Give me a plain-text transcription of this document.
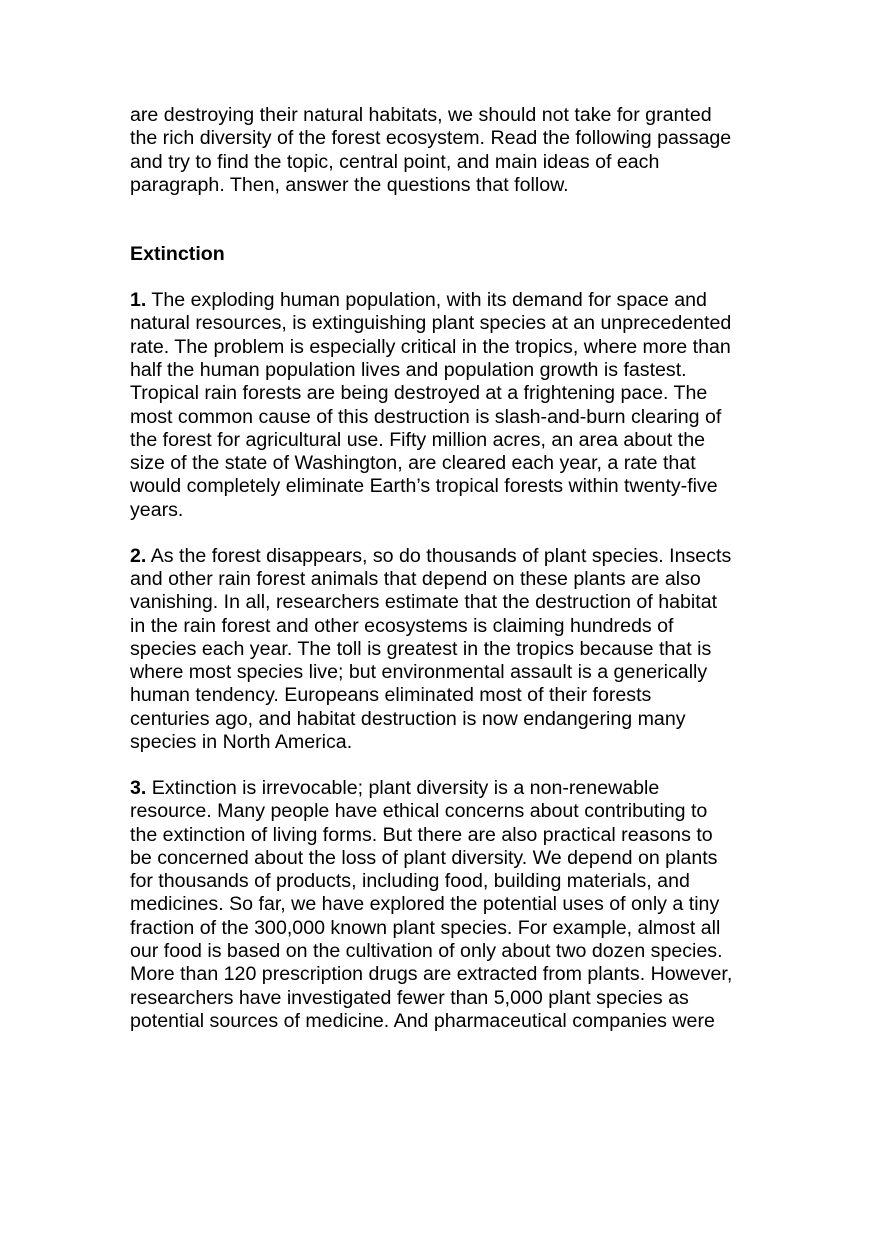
are destroying their natural habitats, we should not take for granted
the rich diversity of the forest ecosystem. Read the following passage
and try to find the topic, central point, and main ideas of each
paragraph. Then, answer the questions that follow.
Extinction
1. The exploding human population, with its demand for space and
natural resources, is extinguishing plant species at an unprecedented
rate. The problem is especially critical in the tropics, where more than
half the human population lives and population growth is fastest.
Tropical rain forests are being destroyed at a frightening pace. The
most common cause of this destruction is slash-and-burn clearing of
the forest for agricultural use. Fifty million acres, an area about the
size of the state of Washington, are cleared each year, a rate that
would completely eliminate Earth’s tropical forests within twenty-five
years.
2. As the forest disappears, so do thousands of plant species. Insects
and other rain forest animals that depend on these plants are also
vanishing. In all, researchers estimate that the destruction of habitat
in the rain forest and other ecosystems is claiming hundreds of
species each year. The toll is greatest in the tropics because that is
where most species live; but environmental assault is a generically
human tendency. Europeans eliminated most of their forests
centuries ago, and habitat destruction is now endangering many
species in North America.
3. Extinction is irrevocable; plant diversity is a non-renewable
resource. Many people have ethical concerns about contributing to
the extinction of living forms. But there are also practical reasons to
be concerned about the loss of plant diversity. We depend on plants
for thousands of products, including food, building materials, and
medicines. So far, we have explored the potential uses of only a tiny
fraction of the 300,000 known plant species. For example, almost all
our food is based on the cultivation of only about two dozen species.
More than 120 prescription drugs are extracted from plants. However,
researchers have investigated fewer than 5,000 plant species as
potential sources of medicine. And pharmaceutical companies were
